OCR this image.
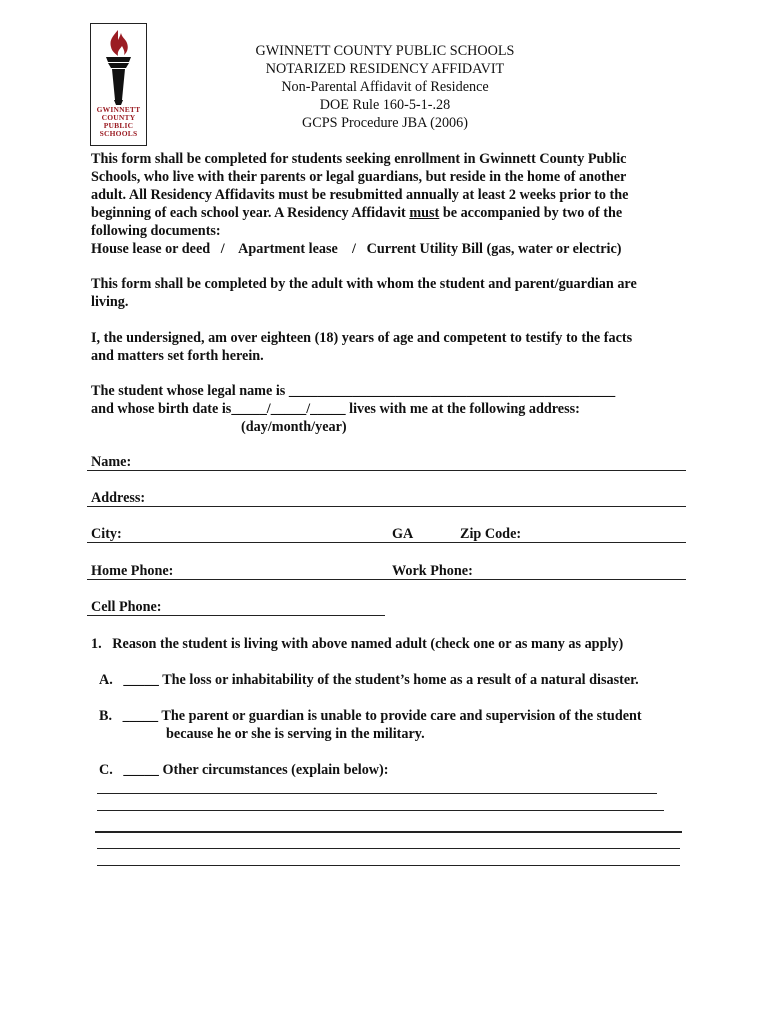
GWINNETT
COUNTY
PUBLIC
SCHOOLS
GWINNETT COUNTY PUBLIC SCHOOLS
NOTARIZED RESIDENCY AFFIDAVIT
Non-Parental Affidavit of Residence
DOE Rule 160-5-1-.28
GCPS Procedure JBA (2006)
This form shall be completed for students seeking enrollment in Gwinnett County Public
Schools, who live with their parents or legal guardians, but reside in the home of another
adult. All Residency Affidavits must be resubmitted annually at least 2 weeks prior to the
beginning of each school year. A Residency Affidavit must be accompanied by two of the
following documents:
House lease or deed   /    Apartment lease    /   Current Utility Bill (gas, water or electric)
This form shall be completed by the adult with whom the student and parent/guardian are
living.
I, the undersigned, am over eighteen (18) years of age and competent to testify to the facts
and matters set forth herein.
The student whose legal name is ______________________________________________
and whose birth date is_____/_____/_____ lives with me at the following address:
(day/month/year)
Name:
Address:
City:	GA	Zip Code:
Home Phone:	Work Phone:
Cell Phone:
1.   Reason the student is living with above named adult (check one or as many as apply)
A.   _____ The loss or inhabitability of the student’s home as a result of a natural disaster.
B.   _____ The parent or guardian is unable to provide care and supervision of the student
because he or she is serving in the military.
C.   _____ Other circumstances (explain below):
